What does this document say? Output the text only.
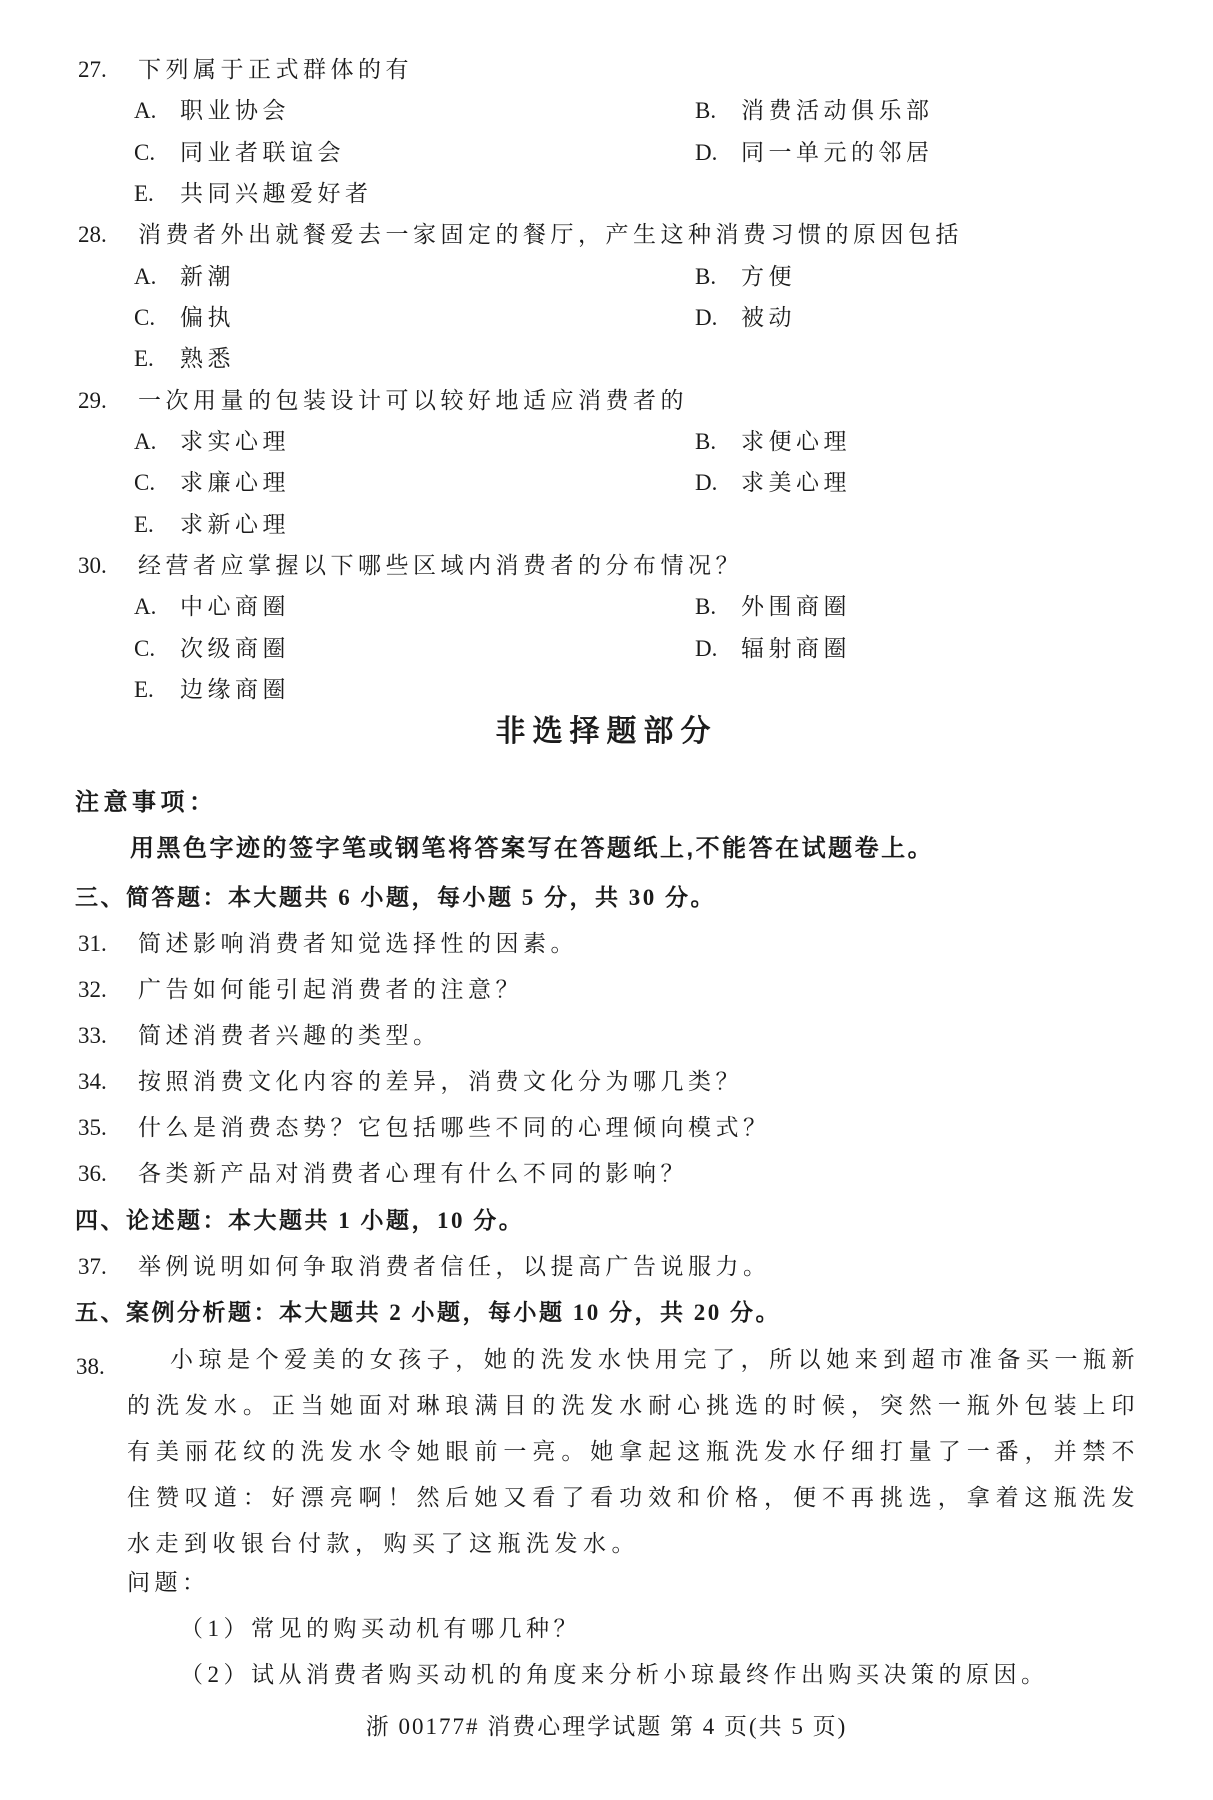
27. 下列属于正式群体的有
A. 职业协会	B. 消费活动俱乐部
C. 同业者联谊会	D. 同一单元的邻居
E. 共同兴趣爱好者
28. 消费者外出就餐爱去一家固定的餐厅，产生这种消费习惯的原因包括
A. 新潮	B. 方便
C. 偏执	D. 被动
E. 熟悉
29. 一次用量的包装设计可以较好地适应消费者的
A. 求实心理	B. 求便心理
C. 求廉心理	D. 求美心理
E. 求新心理
30. 经营者应掌握以下哪些区域内消费者的分布情况？
A. 中心商圈	B. 外围商圈
C. 次级商圈	D. 辐射商圈
E. 边缘商圈
非选择题部分
注意事项：
用黑色字迹的签字笔或钢笔将答案写在答题纸上,不能答在试题卷上。
三、简答题：本大题共 6 小题，每小题 5 分，共 30 分。
31. 简述影响消费者知觉选择性的因素。
32. 广告如何能引起消费者的注意？
33. 简述消费者兴趣的类型。
34. 按照消费文化内容的差异，消费文化分为哪几类？
35. 什么是消费态势？它包括哪些不同的心理倾向模式？
36. 各类新产品对消费者心理有什么不同的影响？
四、论述题：本大题共 1 小题，10 分。
37. 举例说明如何争取消费者信任，以提高广告说服力。
五、案例分析题：本大题共 2 小题，每小题 10 分，共 20 分。
38.	小琼是个爱美的女孩子，她的洗发水快用完了，所以她来到超市准备买一瓶新的洗发水。正当她面对琳琅满目的洗发水耐心挑选的时候，突然一瓶外包装上印有美丽花纹的洗发水令她眼前一亮。她拿起这瓶洗发水仔细打量了一番，并禁不住赞叹道：好漂亮啊！然后她又看了看功效和价格，便不再挑选，拿着这瓶洗发水走到收银台付款，购买了这瓶洗发水。
问题：
（1）常见的购买动机有哪几种？
（2）试从消费者购买动机的角度来分析小琼最终作出购买决策的原因。
浙 00177# 消费心理学试题 第 4 页(共 5 页)
